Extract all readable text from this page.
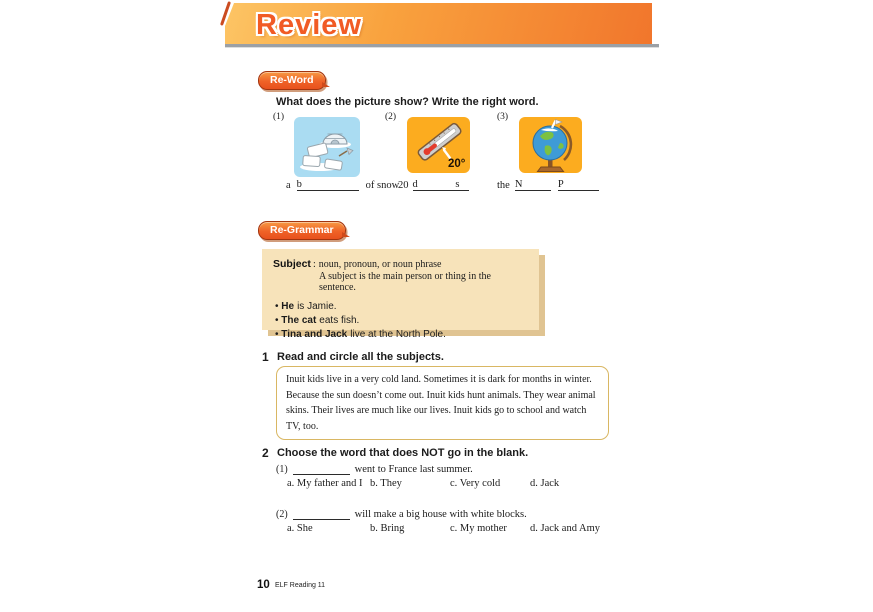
Review
Re-Word
What does the picture show? Write the right word.
(1)	(2)	(3)
20°
a b	of snow
20 d	s	the N	P
Re-Grammar
Subject : noun, pronoun, or noun phrase
A subject is the main person or thing in the sentence.
• He is Jamie.
• The cat eats fish.
• Tina and Jack live at the North Pole.
1 Read and circle all the subjects.
Inuit kids live in a very cold land. Sometimes it is dark for months in winter. Because the sun doesn’t come out. Inuit kids hunt animals. They wear animal skins. Their lives are much like our lives. Inuit kids go to school and watch TV, too.
2 Choose the word that does NOT go in the blank.
(1)	went to France last summer.
a. My father and I b. They	c. Very cold	d. Jack
(2)	will make a big house with white blocks.
a. She	b. Bring	c. My mother d. Jack and Amy
10 ELF Reading 11
